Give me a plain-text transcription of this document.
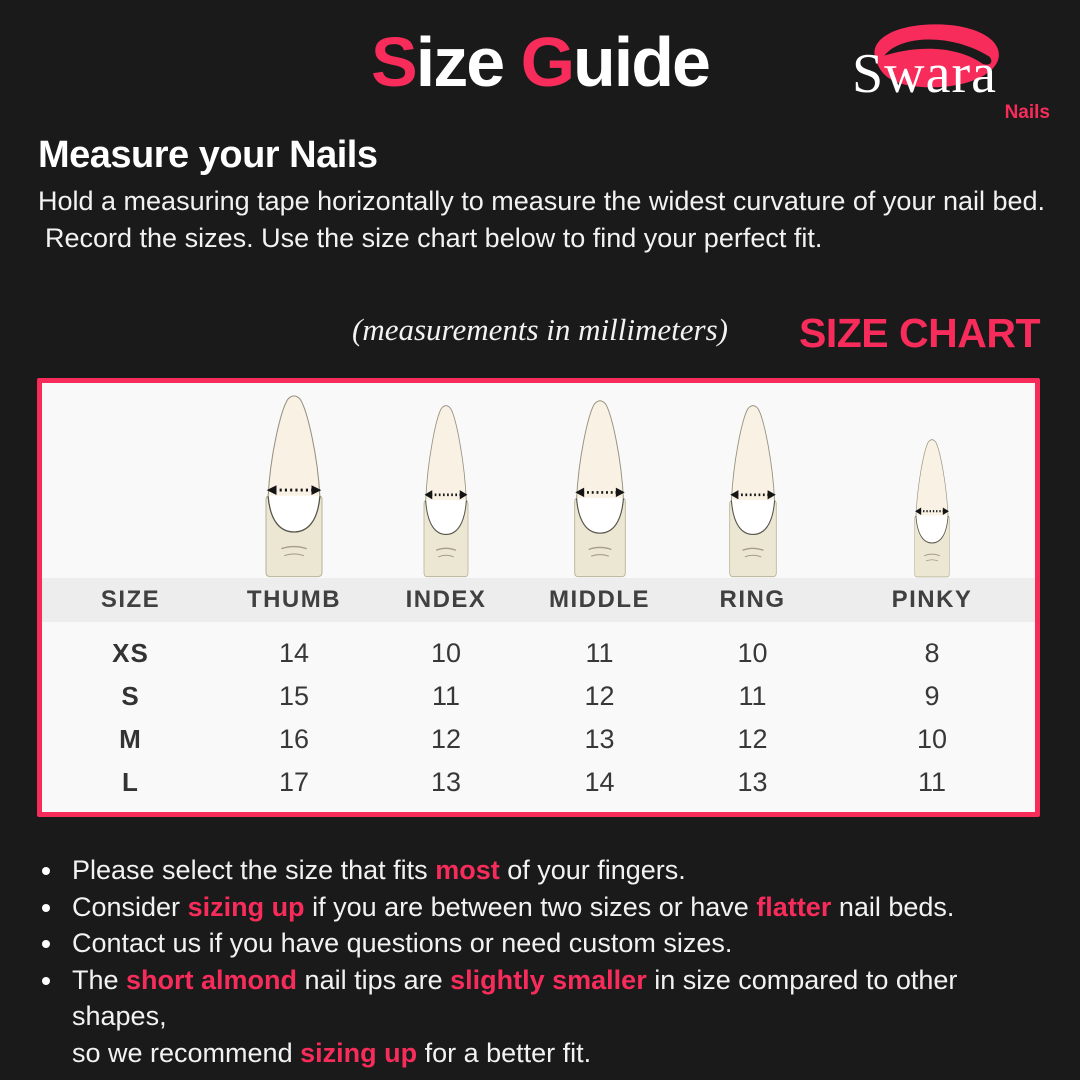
Size Guide	Swara
Nails
Measure your Nails
Hold a measuring tape horizontally to measure the widest curvature of your nail bed.
Record the sizes. Use the size chart below to find your perfect fit.
(measurements in millimeters)	SIZE CHART
SIZE	THUMB	INDEX	MIDDLE	RING	PINKY
XS	14	10	11	10	8
S	15	11	12	11	9
M	16	12	13	12	10
L	17	13	14	13	11
Please select the size that fits most of your fingers.
Consider sizing up if you are between two sizes or have flatter nail beds.
Contact us if you have questions or need custom sizes.
The short almond nail tips are slightly smaller in size compared to other shapes,
so we recommend sizing up for a better fit.
